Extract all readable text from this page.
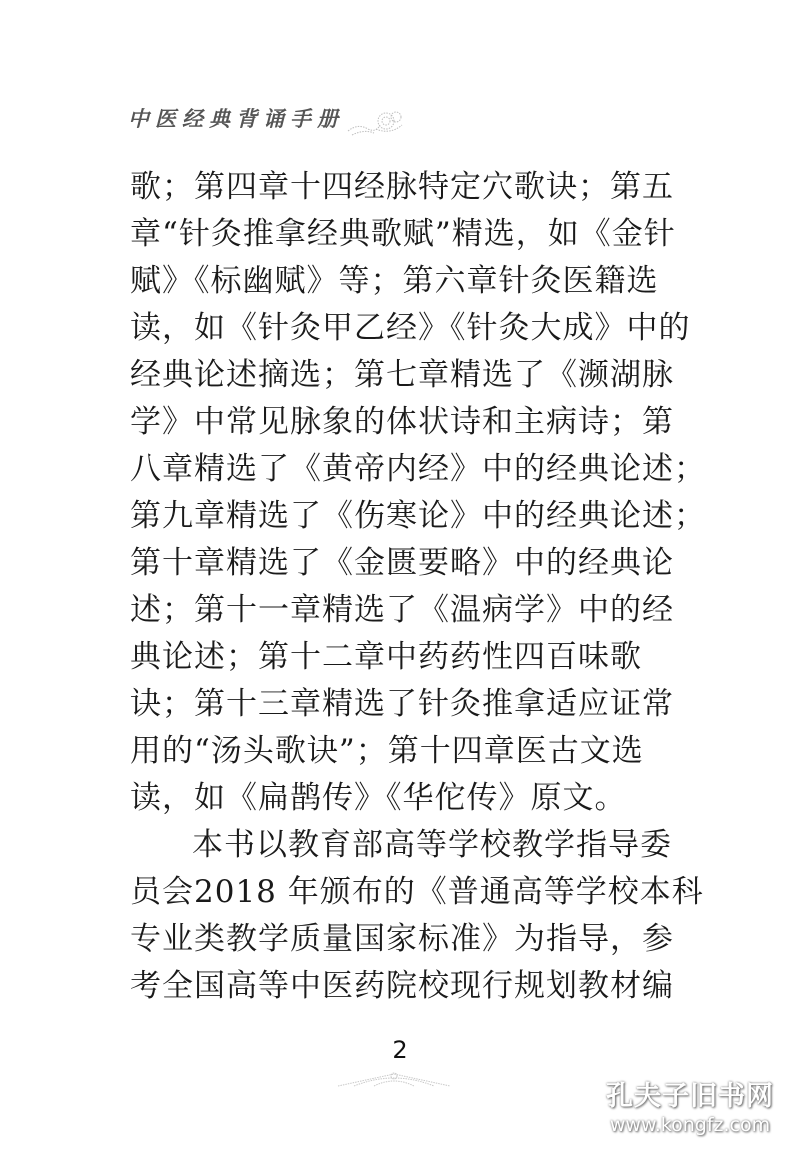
中医经典背诵手册
歌；第四章十四经脉特定穴歌诀；第五
章“针灸推拿经典歌赋”精选，如《金针
赋》《标幽赋》等；第六章针灸医籍选
读，如《针灸甲乙经》《针灸大成》中的
经典论述摘选；第七章精选了《濒湖脉
学》中常见脉象的体状诗和主病诗；第
八章精选了《黄帝内经》中的经典论述；
第九章精选了《伤寒论》中的经典论述；
第十章精选了《金匮要略》中的经典论
述；第十一章精选了《温病学》中的经
典论述；第十二章中药药性四百味歌
诀；第十三章精选了针灸推拿适应证常
用的“汤头歌诀”；第十四章医古文选
读，如《扁鹊传》《华佗传》原文。
本书以教育部高等学校教学指导委
员会2018 年颁布的《普通高等学校本科
专业类教学质量国家标准》为指导，参
考全国高等中医药院校现行规划教材编
2
孔夫子旧书网
www.kongfz.com
